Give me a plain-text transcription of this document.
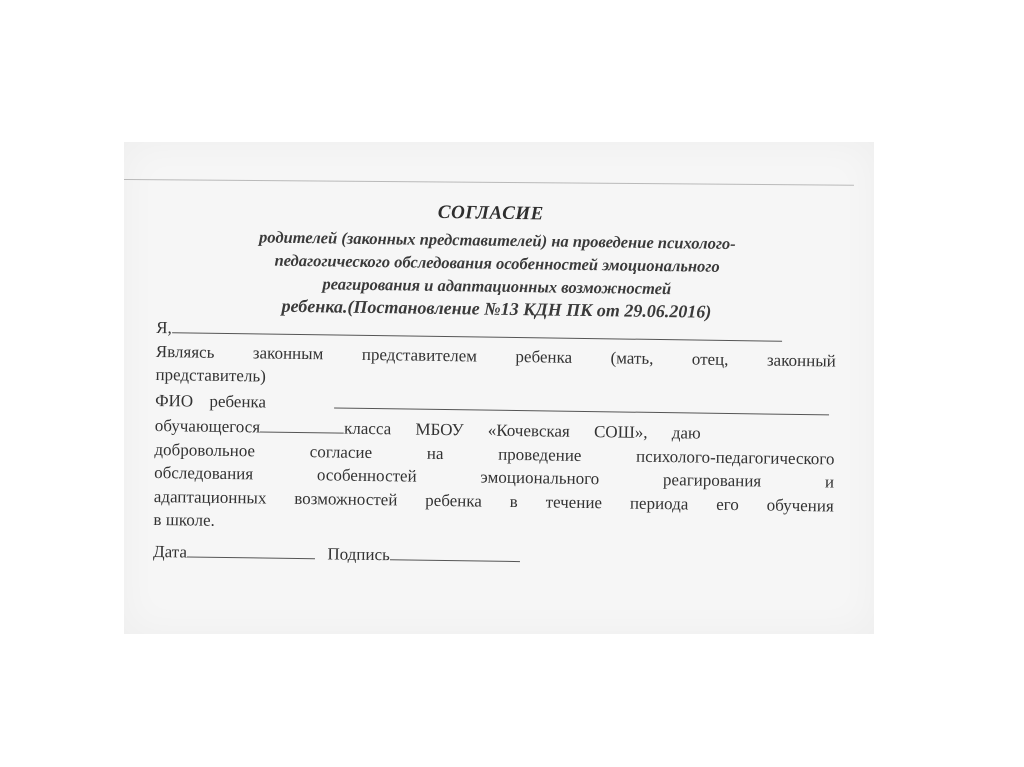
СОГЛАСИЕ
родителей (законных представителей) на проведение психолого-
педагогического обследования особенностей эмоционального
реагирования и адаптационных возможностей
ребенка.(Постановление №13 КДН ПК от 29.06.2016)
Я,
Являясь законным представителем ребенка (мать, отец, законный
представитель)
ФИО ребенка
обучающегося	класса МБОУ «Кочевская СОШ», даю
добровольное согласие на проведение психолого-педагогического
обследования особенностей эмоционального реагирования и
адаптационных возможностей ребенка в течение периода его обучения
в школе.
Дата	Подпись
